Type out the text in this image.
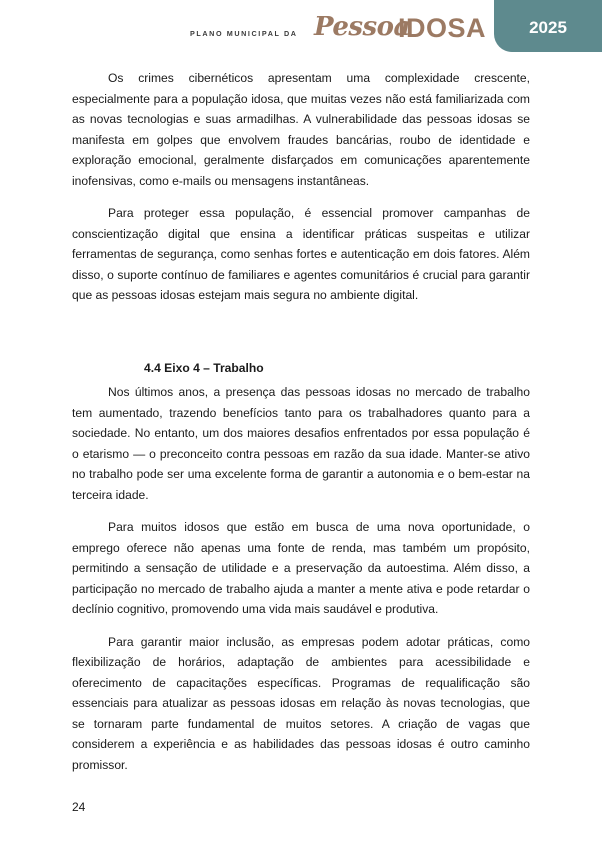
PLANO MUNICIPAL DA Pessoa
IDOSA	2025

Os crimes cibernéticos apresentam uma complexidade crescente, especialmente para a população idosa, que muitas vezes não está familiarizada com as novas tecnologias e suas armadilhas. A vulnerabilidade das pessoas idosas se manifesta em golpes que envolvem fraudes bancárias, roubo de identidade e exploração emocional, geralmente disfarçados em comunicações aparentemente inofensivas, como e-mails ou mensagens instantâneas.

Para proteger essa população, é essencial promover campanhas de conscientização digital que ensina a identificar práticas suspeitas e utilizar ferramentas de segurança, como senhas fortes e autenticação em dois fatores. Além disso, o suporte contínuo de familiares e agentes comunitários é crucial para garantir que as pessoas idosas estejam mais segura no ambiente digital.

4.4 Eixo 4 – Trabalho

Nos últimos anos, a presença das pessoas idosas no mercado de trabalho tem aumentado, trazendo benefícios tanto para os trabalhadores quanto para a sociedade. No entanto, um dos maiores desafios enfrentados por essa população é o etarismo — o preconceito contra pessoas em razão da sua idade. Manter-se ativo no trabalho pode ser uma excelente forma de garantir a autonomia e o bem-estar na terceira idade.

Para muitos idosos que estão em busca de uma nova oportunidade, o emprego oferece não apenas uma fonte de renda, mas também um propósito, permitindo a sensação de utilidade e a preservação da autoestima. Além disso, a participação no mercado de trabalho ajuda a manter a mente ativa e pode retardar o declínio cognitivo, promovendo uma vida mais saudável e produtiva.

Para garantir maior inclusão, as empresas podem adotar práticas, como flexibilização de horários, adaptação de ambientes para acessibilidade e oferecimento de capacitações específicas. Programas de requalificação são essenciais para atualizar as pessoas idosas em relação às novas tecnologias, que se tornaram parte fundamental de muitos setores. A criação de vagas que considerem a experiência e as habilidades das pessoas idosas é outro caminho promissor.

24
